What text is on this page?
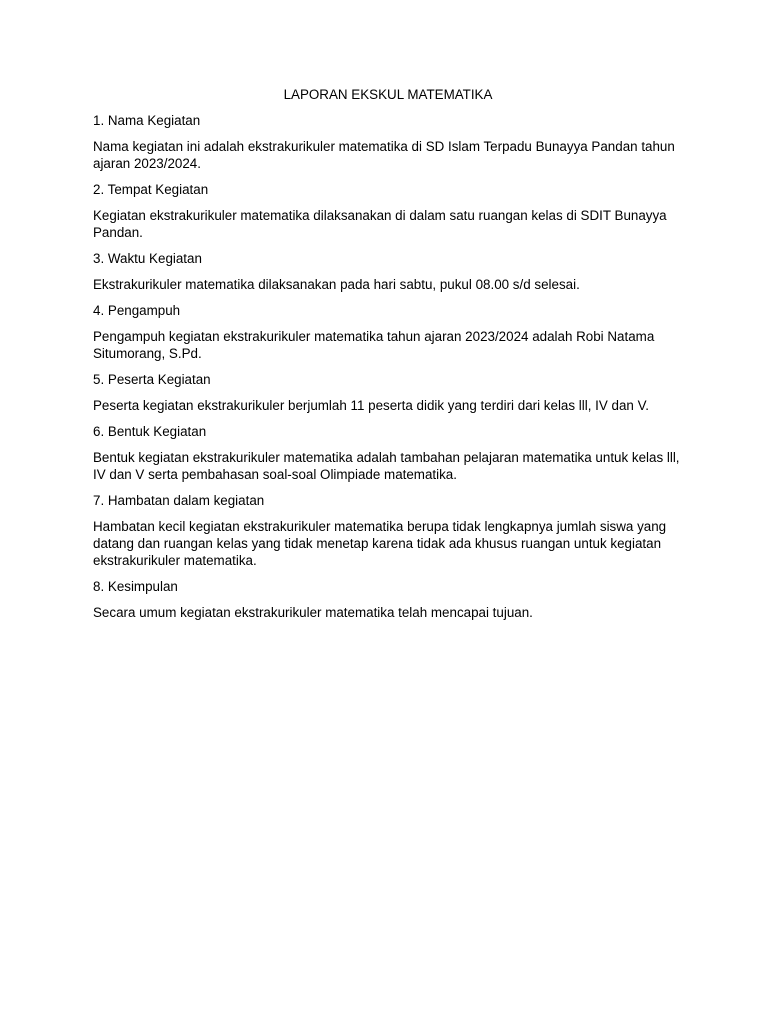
LAPORAN EKSKUL MATEMATIKA

1. Nama Kegiatan

Nama kegiatan ini adalah ekstrakurikuler matematika di SD Islam Terpadu Bunayya Pandan tahun ajaran 2023/2024.

2. Tempat Kegiatan

Kegiatan ekstrakurikuler matematika dilaksanakan di dalam satu ruangan kelas di SDIT Bunayya Pandan.

3. Waktu Kegiatan

Ekstrakurikuler matematika dilaksanakan pada hari sabtu, pukul 08.00 s/d selesai.

4. Pengampuh

Pengampuh kegiatan ekstrakurikuler matematika tahun ajaran 2023/2024 adalah Robi Natama Situmorang, S.Pd.

5. Peserta Kegiatan

Peserta kegiatan ekstrakurikuler berjumlah 11 peserta didik yang terdiri dari kelas lll, IV dan V.

6. Bentuk Kegiatan

Bentuk kegiatan ekstrakurikuler matematika adalah tambahan pelajaran matematika untuk kelas lll, IV dan V serta pembahasan soal-soal Olimpiade matematika.

7. Hambatan dalam kegiatan

Hambatan kecil kegiatan ekstrakurikuler matematika berupa tidak lengkapnya jumlah siswa yang datang dan ruangan kelas yang tidak menetap karena tidak ada khusus ruangan untuk kegiatan ekstrakurikuler matematika.

8. Kesimpulan

Secara umum kegiatan ekstrakurikuler matematika telah mencapai tujuan.
